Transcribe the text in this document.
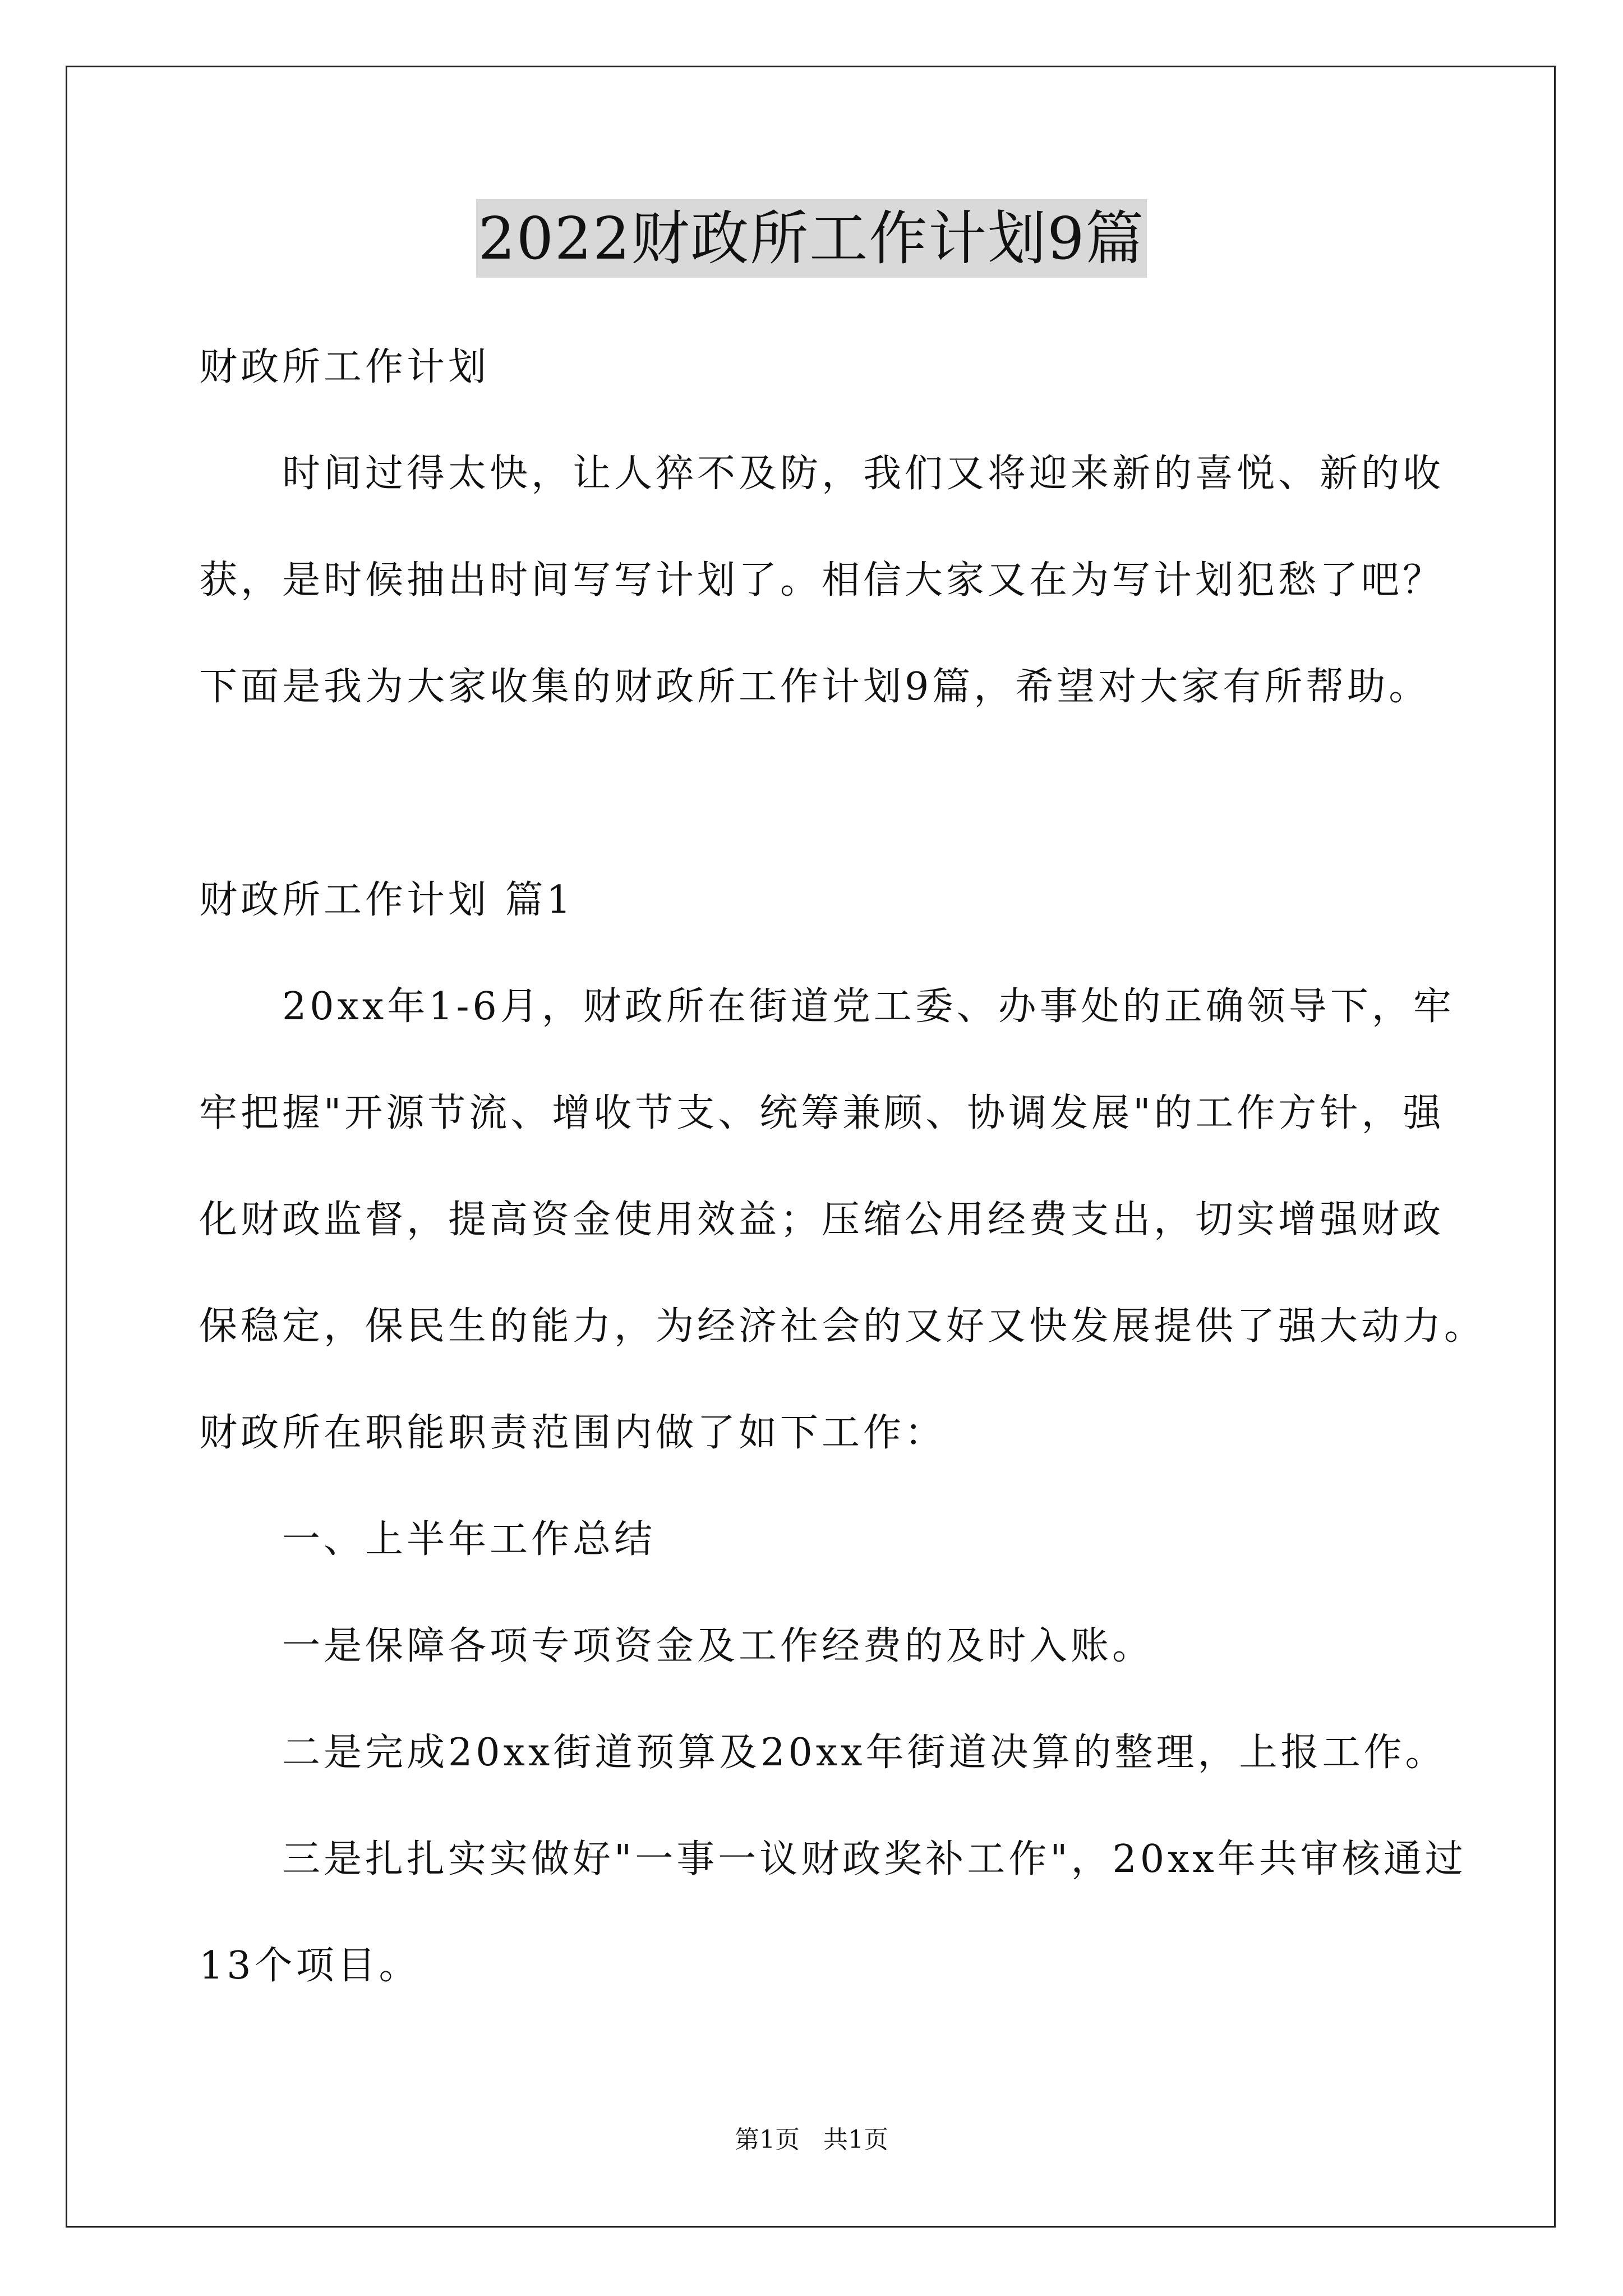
2022财政所工作计划9篇
财政所工作计划
　　时间过得太快，让人猝不及防，我们又将迎来新的喜悦、新的收
获，是时候抽出时间写写计划了。相信大家又在为写计划犯愁了吧？
下面是我为大家收集的财政所工作计划9篇，希望对大家有所帮助。
财政所工作计划 篇1
　　20xx年1-6月，财政所在街道党工委、办事处的正确领导下，牢
牢把握"开源节流、增收节支、统筹兼顾、协调发展"的工作方针，强
化财政监督，提高资金使用效益；压缩公用经费支出，切实增强财政
保稳定，保民生的能力，为经济社会的又好又快发展提供了强大动力。
财政所在职能职责范围内做了如下工作：
　　一、上半年工作总结
　　一是保障各项专项资金及工作经费的及时入账。
　　二是完成20xx街道预算及20xx年街道决算的整理，上报工作。
　　三是扎扎实实做好"一事一议财政奖补工作"，20xx年共审核通过
13个项目。
第1页 共1页
